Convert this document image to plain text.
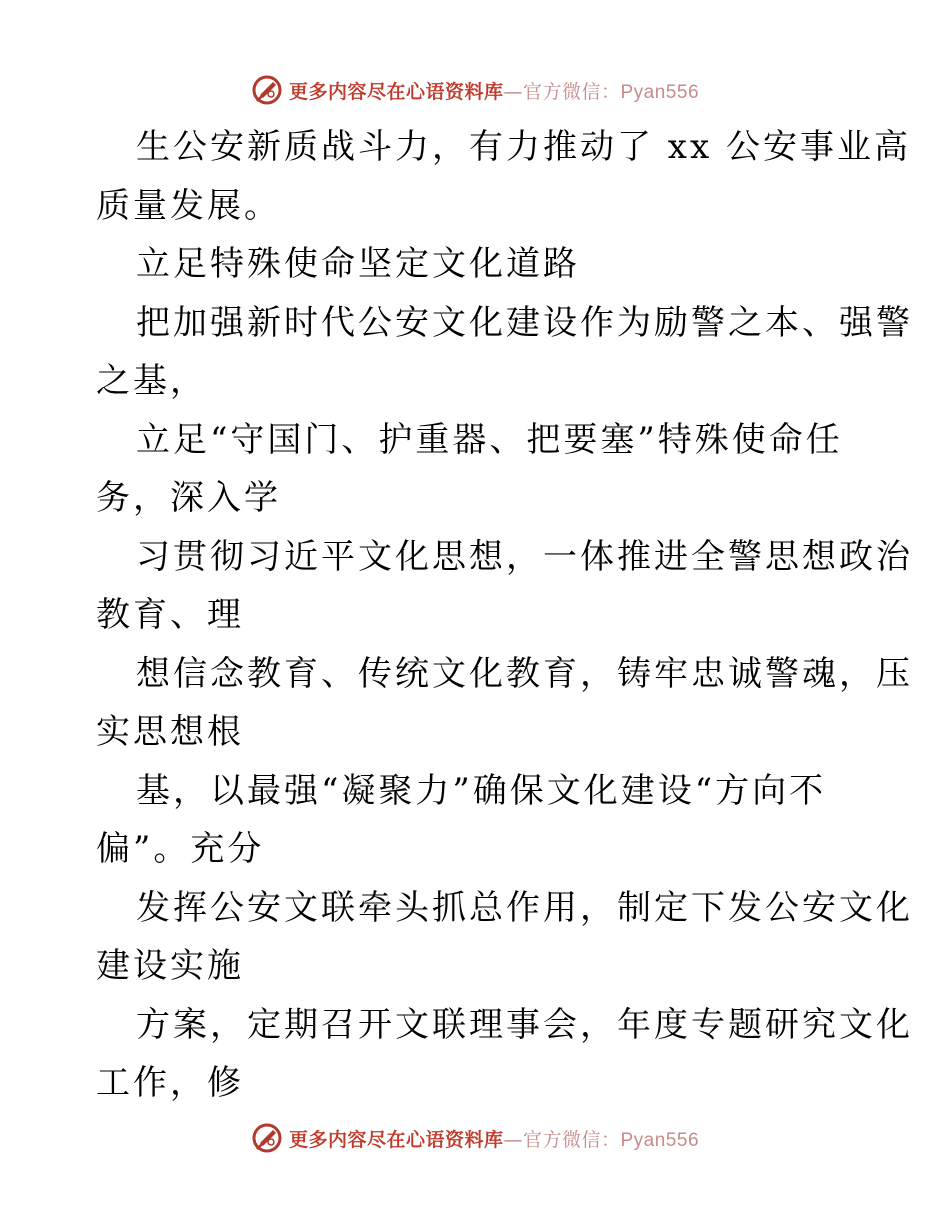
更多内容尽在心语资料库—官方微信：Pyan556
生公安新质战斗力，有力推动了 xx 公安事业高
质量发展。
立足特殊使命坚定文化道路
把加强新时代公安文化建设作为励警之本、强警
之基，
立足“守国门、护重器、把要塞”特殊使命任
务，深入学
习贯彻习近平文化思想，一体推进全警思想政治
教育、理
想信念教育、传统文化教育，铸牢忠诚警魂，压
实思想根
基，以最强“凝聚力”确保文化建设“方向不
偏”。充分
发挥公安文联牵头抓总作用，制定下发公安文化
建设实施
方案，定期召开文联理事会，年度专题研究文化
工作，修
更多内容尽在心语资料库—官方微信：Pyan556
